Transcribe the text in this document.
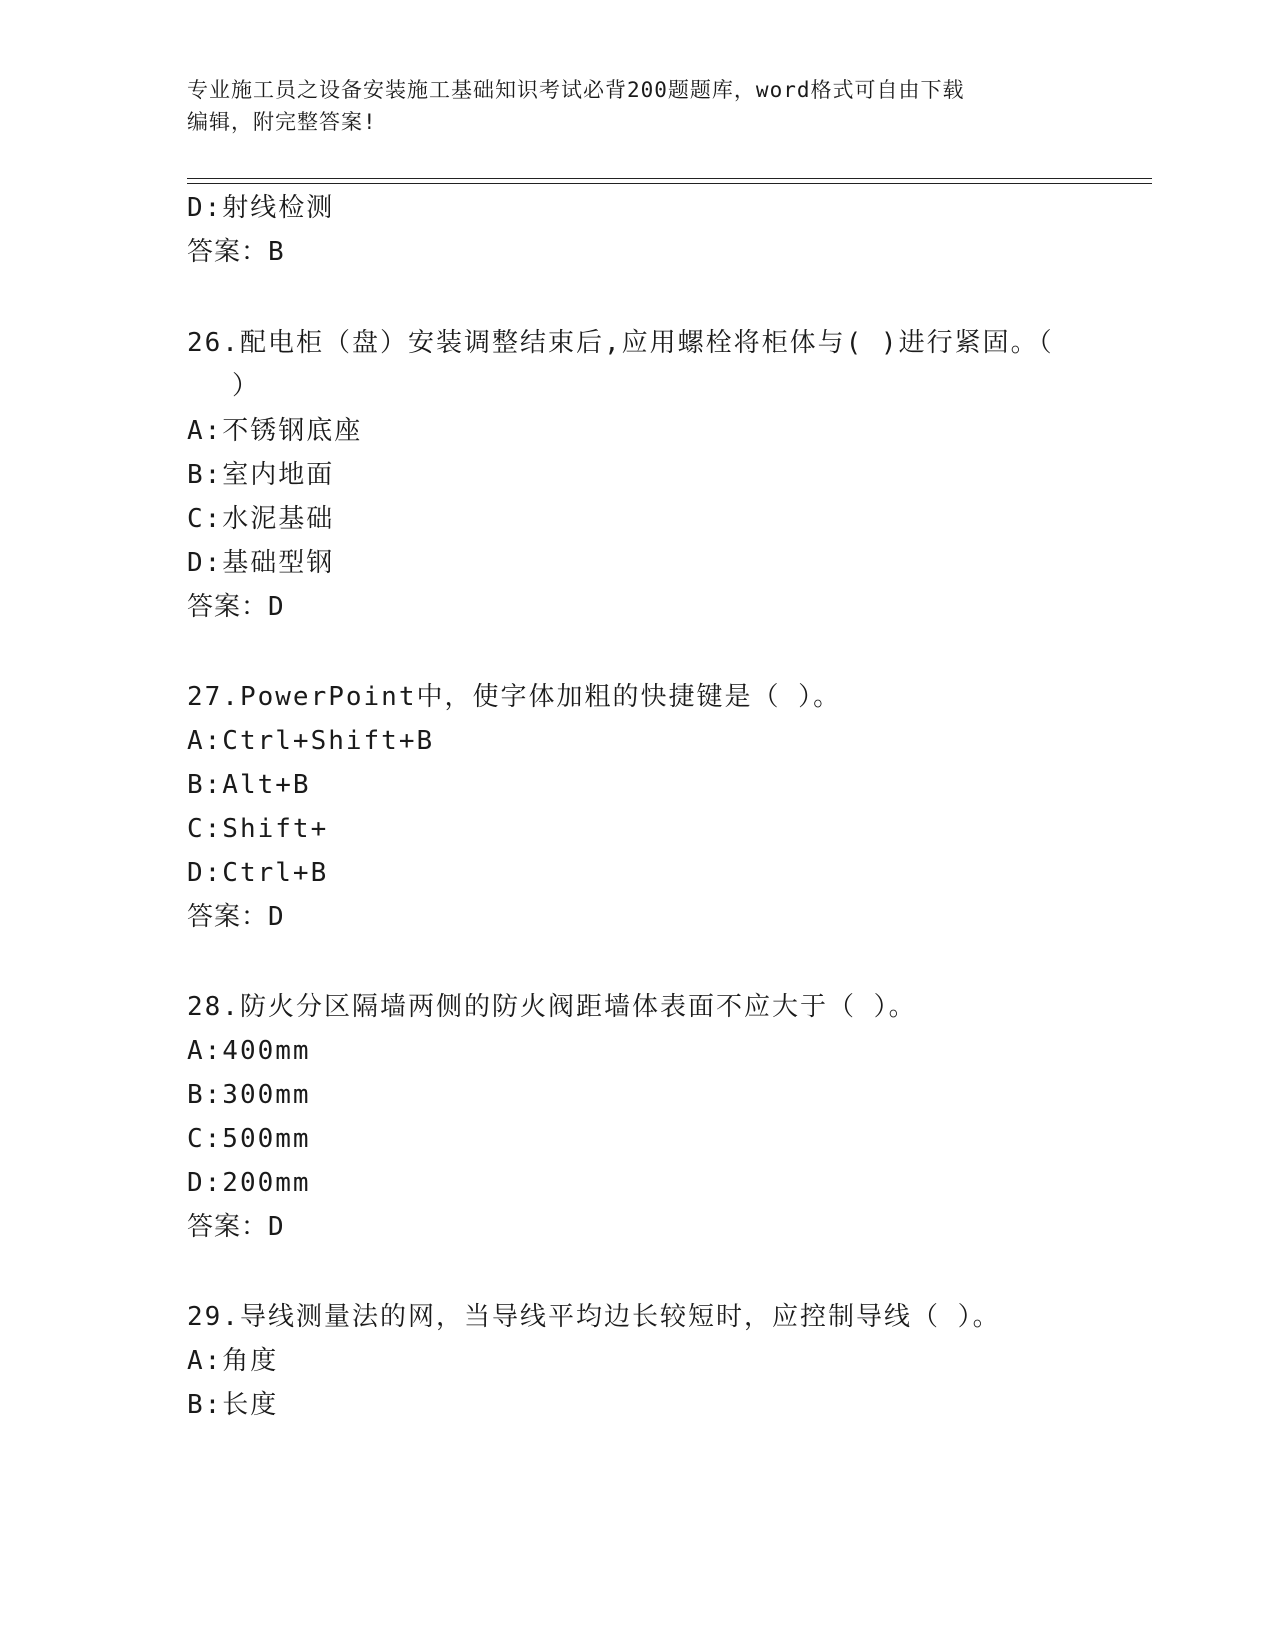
专业施工员之设备安装施工基础知识考试必背200题题库，word格式可自由下载
编辑，附完整答案!
D:射线检测
答案：B
26.配电柜（盘）安装调整结束后,应用螺栓将柜体与( )进行紧固。（
）
A:不锈钢底座
B:室内地面
C:水泥基础
D:基础型钢
答案：D
27.PowerPoint中，使字体加粗的快捷键是（ ）。
A:Ctrl+Shift+B
B:Alt+B
C:Shift+
D:Ctrl+B
答案：D
28.防火分区隔墙两侧的防火阀距墙体表面不应大于（ ）。
A:400mm
B:300mm
C:500mm
D:200mm
答案：D
29.导线测量法的网，当导线平均边长较短时，应控制导线（ ）。
A:角度
B:长度
